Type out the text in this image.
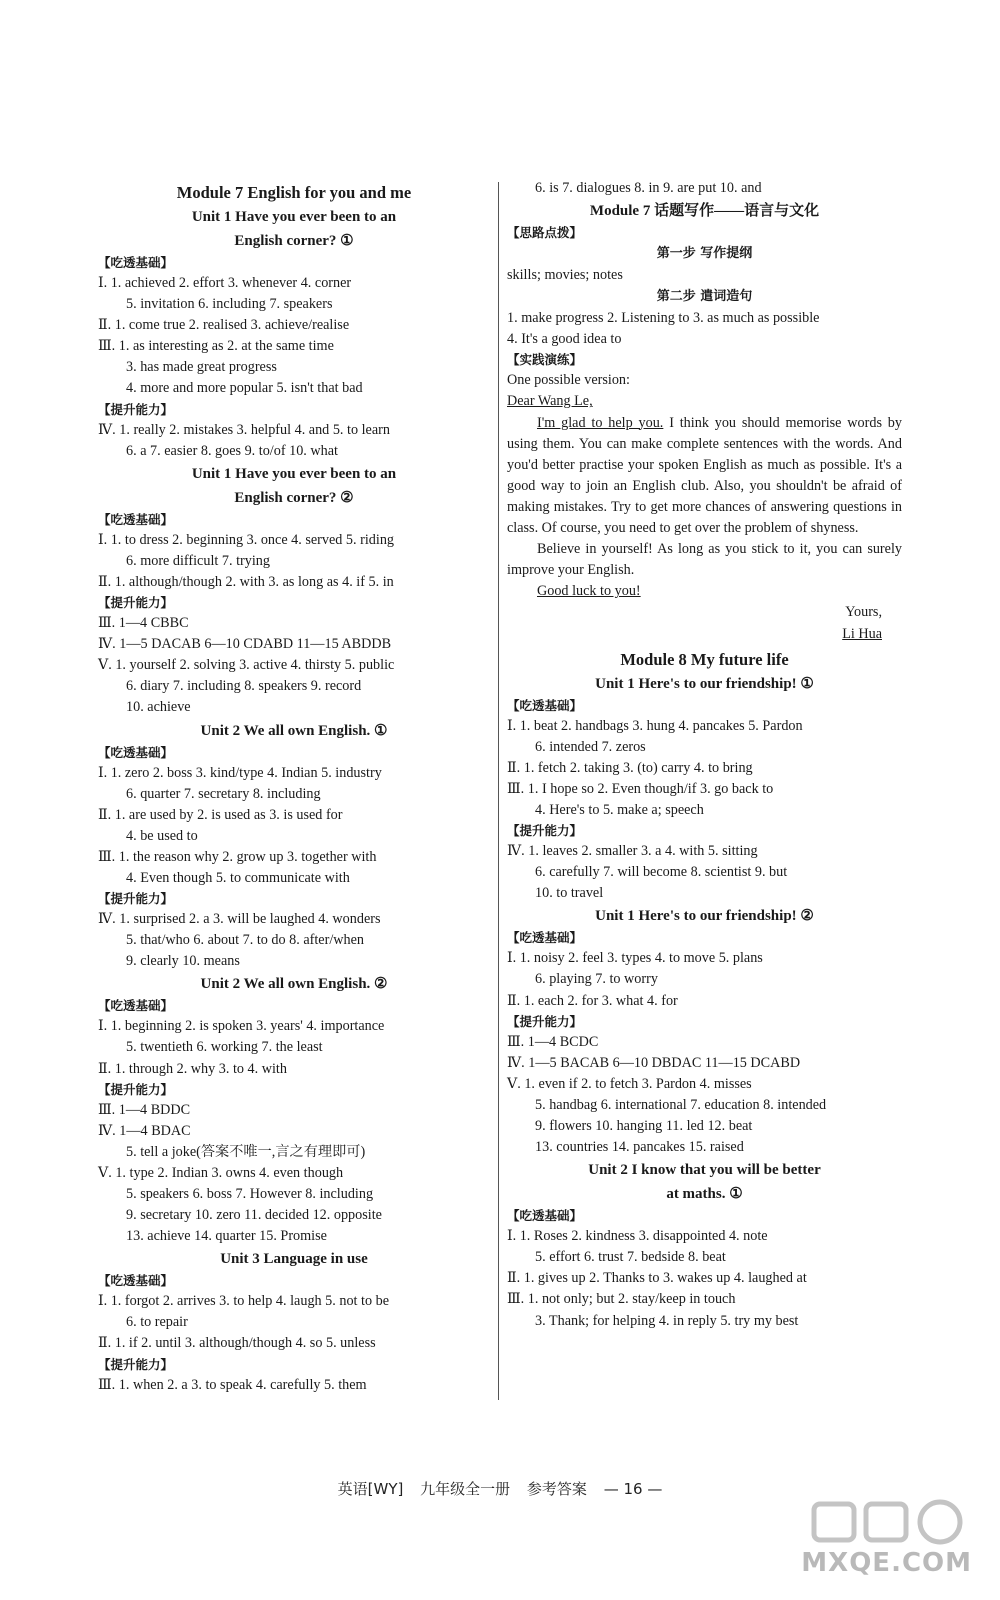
Module 7 English for you and me
Unit 1 Have you ever been to an
English corner? ①
【吃透基础】
Ⅰ. 1. achieved 2. effort 3. whenever 4. corner
5. invitation 6. including 7. speakers
Ⅱ. 1. come true 2. realised 3. achieve/realise
Ⅲ. 1. as interesting as 2. at the same time
3. has made great progress
4. more and more popular 5. isn't that bad
【提升能力】
Ⅳ. 1. really 2. mistakes 3. helpful 4. and 5. to learn
6. a 7. easier 8. goes 9. to/of 10. what
Unit 1 Have you ever been to an
English corner? ②
【吃透基础】
Ⅰ. 1. to dress 2. beginning 3. once 4. served 5. riding
6. more difficult 7. trying
Ⅱ. 1. although/though 2. with 3. as long as 4. if 5. in
【提升能力】
Ⅲ. 1—4 CBBC
Ⅳ. 1—5 DACAB 6—10 CDABD 11—15 ABDDB
Ⅴ. 1. yourself 2. solving 3. active 4. thirsty 5. public
6. diary 7. including 8. speakers 9. record
10. achieve
Unit 2 We all own English. ①
【吃透基础】
Ⅰ. 1. zero 2. boss 3. kind/type 4. Indian 5. industry
6. quarter 7. secretary 8. including
Ⅱ. 1. are used by 2. is used as 3. is used for
4. be used to
Ⅲ. 1. the reason why 2. grow up 3. together with
4. Even though 5. to communicate with
【提升能力】
Ⅳ. 1. surprised 2. a 3. will be laughed 4. wonders
5. that/who 6. about 7. to do 8. after/when
9. clearly 10. means
Unit 2 We all own English. ②
【吃透基础】
Ⅰ. 1. beginning 2. is spoken 3. years' 4. importance
5. twentieth 6. working 7. the least
Ⅱ. 1. through 2. why 3. to 4. with
【提升能力】
Ⅲ. 1—4 BDDC
Ⅳ. 1—4 BDAC
5. tell a joke(答案不唯一,言之有理即可)
Ⅴ. 1. type 2. Indian 3. owns 4. even though
5. speakers 6. boss 7. However 8. including
9. secretary 10. zero 11. decided 12. opposite
13. achieve 14. quarter 15. Promise
Unit 3 Language in use
【吃透基础】
Ⅰ. 1. forgot 2. arrives 3. to help 4. laugh 5. not to be
6. to repair
Ⅱ. 1. if 2. until 3. although/though 4. so 5. unless
【提升能力】
Ⅲ. 1. when 2. a 3. to speak 4. carefully 5. them
6. is 7. dialogues 8. in 9. are put 10. and
Module 7 话题写作——语言与文化
【思路点拨】
第一步 写作提纲
skills; movies; notes
第二步 遣词造句
1. make progress 2. Listening to 3. as much as possible
4. It's a good idea to
【实践演练】
One possible version:
Dear Wang Le,
I'm glad to help you. I think you should memorise words by using them. You can make complete sentences with the words. And you'd better practise your spoken English as much as possible. It's a good way to join an English club. Also, you shouldn't be afraid of making mistakes. Try to get more chances of answering questions in class. Of course, you need to get over the problem of shyness.
Believe in yourself! As long as you stick to it, you can surely improve your English.
Good luck to you!
Yours,
Li Hua
Module 8 My future life
Unit 1 Here's to our friendship! ①
【吃透基础】
Ⅰ. 1. beat 2. handbags 3. hung 4. pancakes 5. Pardon
6. intended 7. zeros
Ⅱ. 1. fetch 2. taking 3. (to) carry 4. to bring
Ⅲ. 1. I hope so 2. Even though/if 3. go back to
4. Here's to 5. make a; speech
【提升能力】
Ⅳ. 1. leaves 2. smaller 3. a 4. with 5. sitting
6. carefully 7. will become 8. scientist 9. but
10. to travel
Unit 1 Here's to our friendship! ②
【吃透基础】
Ⅰ. 1. noisy 2. feel 3. types 4. to move 5. plans
6. playing 7. to worry
Ⅱ. 1. each 2. for 3. what 4. for
【提升能力】
Ⅲ. 1—4 BCDC
Ⅳ. 1—5 BACAB 6—10 DBDAC 11—15 DCABD
Ⅴ. 1. even if 2. to fetch 3. Pardon 4. misses
5. handbag 6. international 7. education 8. intended
9. flowers 10. hanging 11. led 12. beat
13. countries 14. pancakes 15. raised
Unit 2 I know that you will be better
at maths. ①
【吃透基础】
Ⅰ. 1. Roses 2. kindness 3. disappointed 4. note
5. effort 6. trust 7. bedside 8. beat
Ⅱ. 1. gives up 2. Thanks to 3. wakes up 4. laughed at
Ⅲ. 1. not only; but 2. stay/keep in touch
3. Thank; for helping 4. in reply 5. try my best
英语[WY] 九年级全一册 参考答案 — 16 —
MXQE.COM
